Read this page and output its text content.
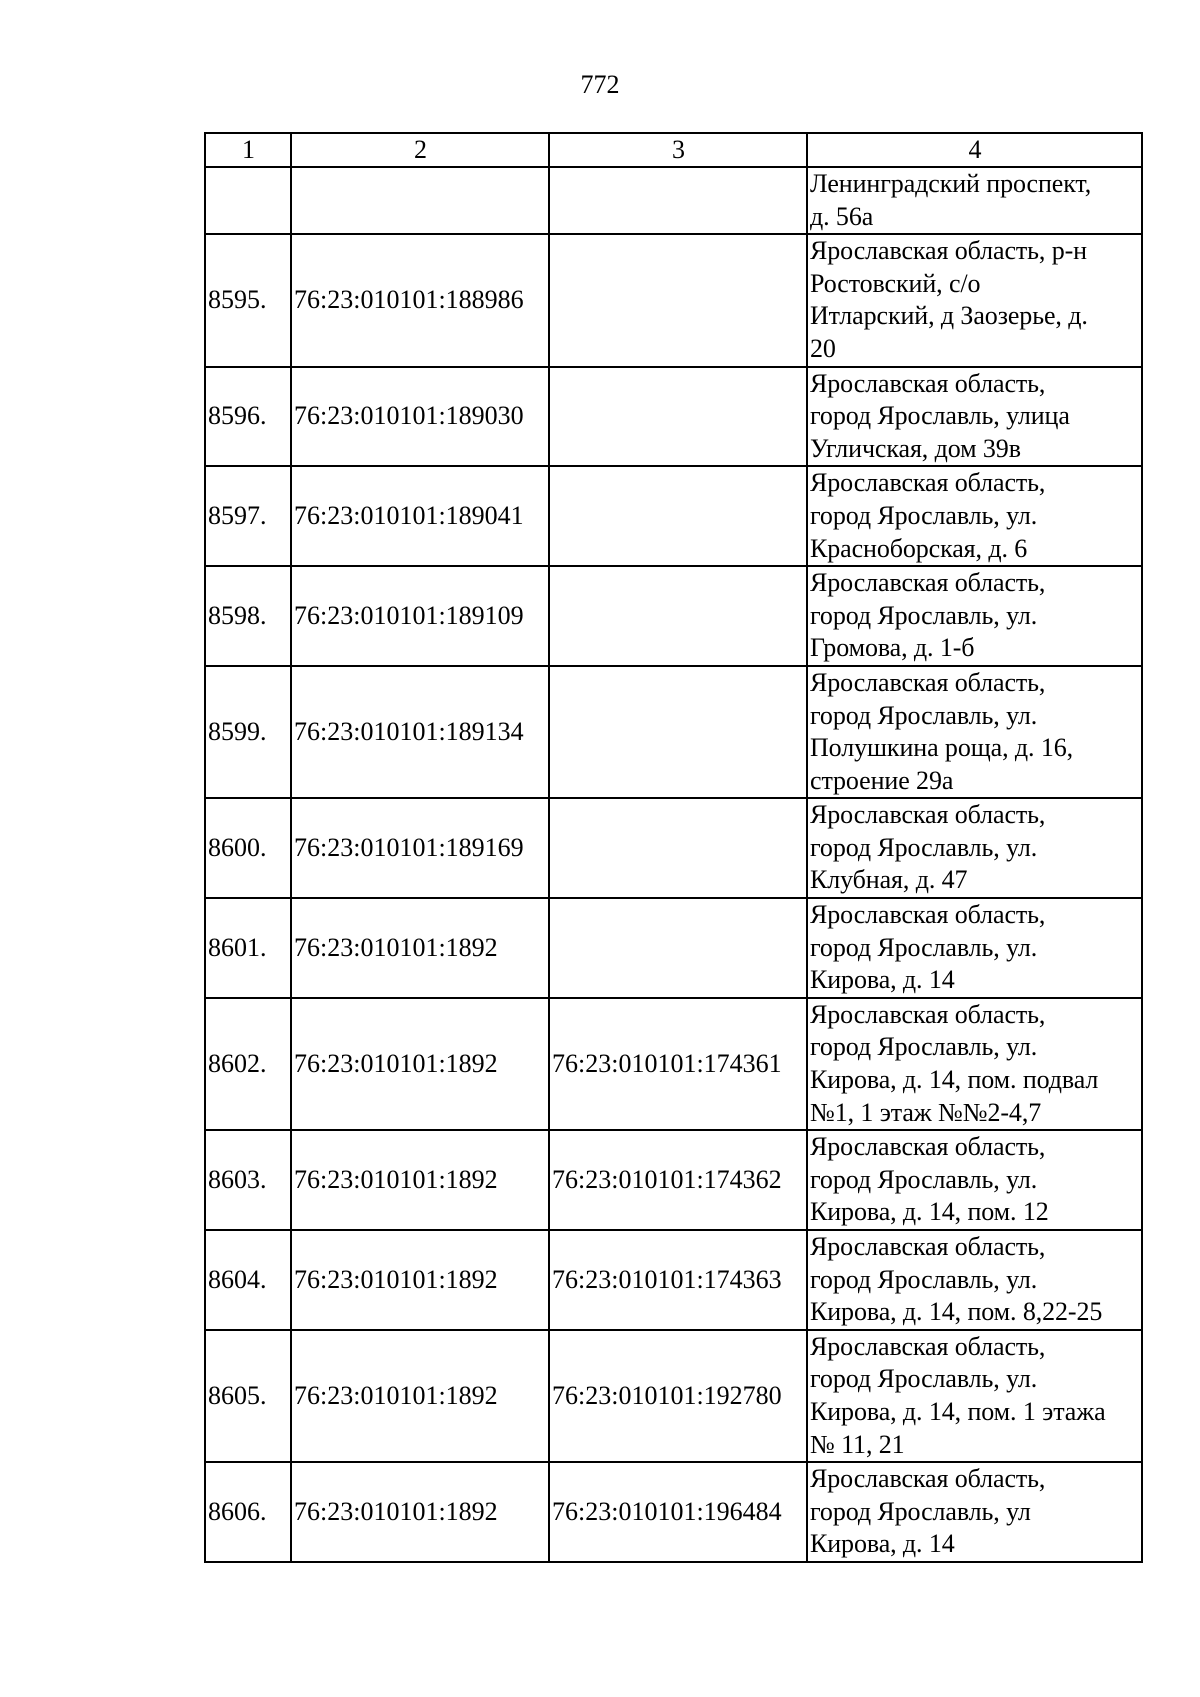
772
1	2	3	4

			Ленинградский проспект,
д. 56а

8595.	76:23:010101:188986		Ярославская область, р-н
Ростовский, с/о
Итларский, д Заозерье, д.
20

8596.	76:23:010101:189030		Ярославская область,
город Ярославль, улица
Угличская, дом 39в

8597.	76:23:010101:189041		Ярославская область,
город Ярославль, ул.
Красноборская, д. 6

8598.	76:23:010101:189109		Ярославская область,
город Ярославль, ул.
Громова, д. 1-б

8599.	76:23:010101:189134		Ярославская область,
город Ярославль, ул.
Полушкина роща, д. 16,
строение 29а

8600.	76:23:010101:189169		Ярославская область,
город Ярославль, ул.
Клубная, д. 47

8601.	76:23:010101:1892		Ярославская область,
город Ярославль, ул.
Кирова, д. 14

8602.	76:23:010101:1892	76:23:010101:174361	Ярославская область,
город Ярославль, ул.
Кирова, д. 14, пом. подвал
№1, 1 этаж №№2-4,7

8603.	76:23:010101:1892	76:23:010101:174362	Ярославская область,
город Ярославль, ул.
Кирова, д. 14, пом. 12

8604.	76:23:010101:1892	76:23:010101:174363	Ярославская область,
город Ярославль, ул.
Кирова, д. 14, пом. 8,22-25

8605.	76:23:010101:1892	76:23:010101:192780	Ярославская область,
город Ярославль, ул.
Кирова, д. 14, пом. 1 этажа
№ 11, 21

8606.	76:23:010101:1892	76:23:010101:196484	Ярославская область,
город Ярославль, ул
Кирова, д. 14
